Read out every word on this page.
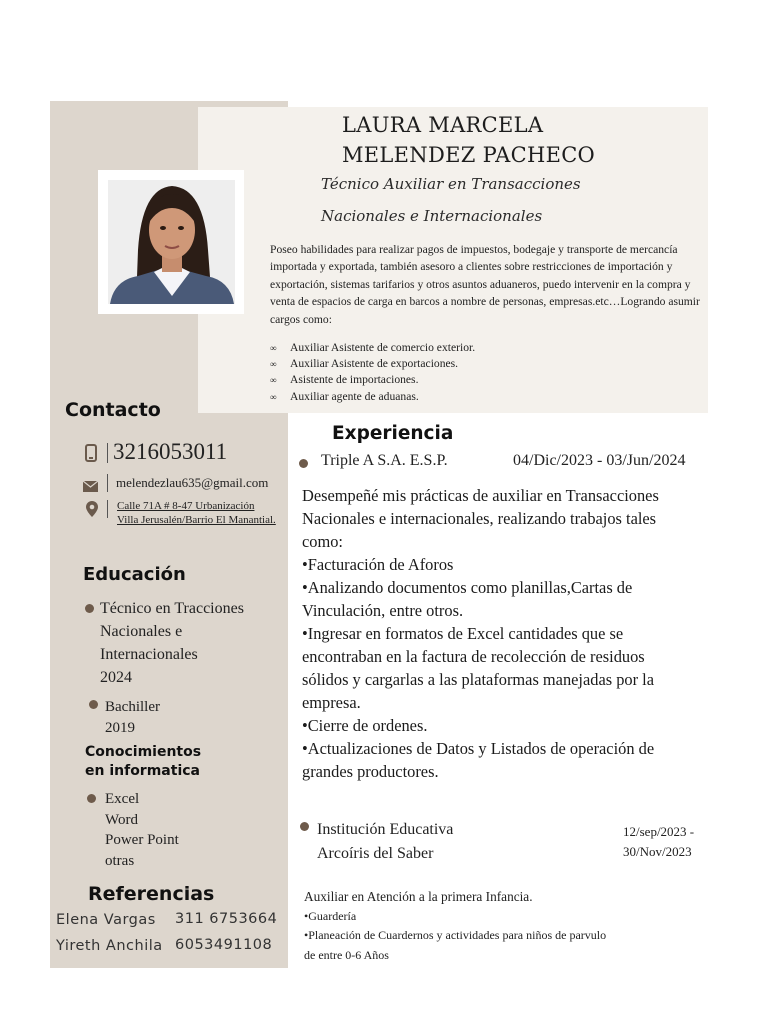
LAURA MARCELA
MELENDEZ PACHECO
Técnico Auxiliar en Transacciones
Nacionales e Internacionales
Poseo habilidades para realizar pagos de impuestos, bodegaje y transporte de mercancía importada y exportada, también asesoro a clientes sobre restricciones de importación y exportación, sistemas tarifarios y otros asuntos aduaneros, puedo intervenir en la compra y venta de espacios de carga en barcos a nombre de personas, empresas.etc…Logrando asumir cargos como:
∞ Auxiliar Asistente de comercio exterior.
∞ Auxiliar Asistente de exportaciones.
∞ Asistente de importaciones.
∞ Auxiliar agente de aduanas.
Contacto
3216053011
melendezlau635@gmail.com
Calle 71A # 8-47 Urbanización Villa Jerusalén/Barrio El Manantial.
Educación
Técnico en Tracciones
Nacionales e
Internacionales
2024
Bachiller
2019
Conocimientos
en informatica
Excel
Word
Power Point
otras
Referencias
Elena Vargas 311 6753664
Yireth Anchila 6053491108
Experiencia
Triple A S.A. E.S.P.	04/Dic/2023 - 03/Jun/2024
Desempeñé mis prácticas de auxiliar en Transacciones
Nacionales e internacionales, realizando trabajos tales
como:
•Facturación de Aforos
•Analizando documentos como planillas,Cartas de
Vinculación, entre otros.
•Ingresar en formatos de Excel cantidades que se
encontraban en la factura de recolección de residuos
sólidos y cargarlas a las plataformas manejadas por la
empresa.
•Cierre de ordenes.
•Actualizaciones de Datos y Listados de operación de
grandes productores.
Institución Educativa
Arcoíris del Saber
12/sep/2023 -
30/Nov/2023
Auxiliar en Atención a la primera Infancia.
•Guardería
•Planeación de Cuardernos y actividades para niños de parvulo
de entre 0-6 Años
